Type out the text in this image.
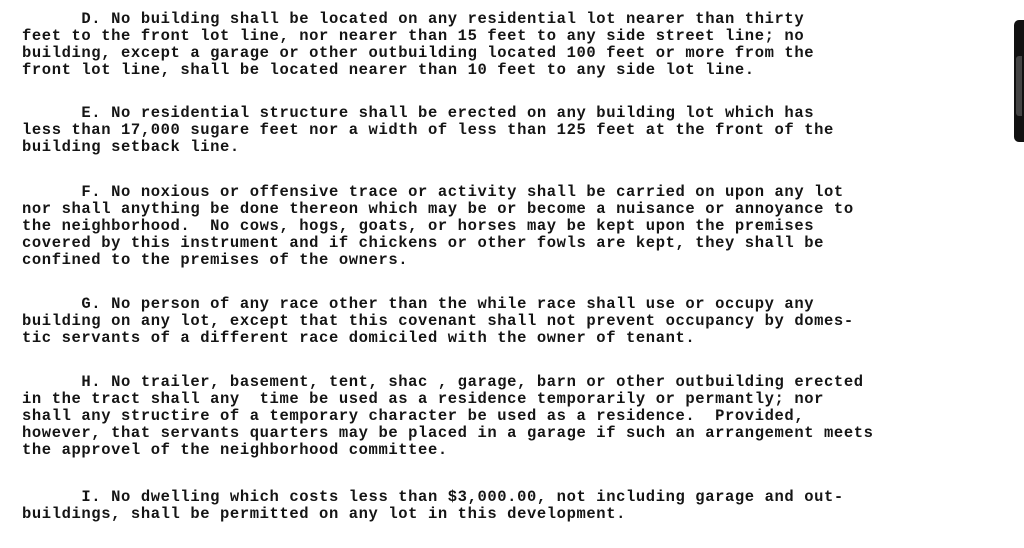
D. No building shall be located on any residential lot nearer than thirty
feet to the front lot line, nor nearer than 15 feet to any side street line; no
building, except a garage or other outbuilding located 100 feet or more from the
front lot line, shall be located nearer than 10 feet to any side lot line.
E. No residential structure shall be erected on any building lot which has
less than 17,000 sugare feet nor a width of less than 125 feet at the front of the
building setback line.
F. No noxious or offensive trace or activity shall be carried on upon any lot
nor shall anything be done thereon which may be or become a nuisance or annoyance to
the neighborhood.  No cows, hogs, goats, or horses may be kept upon the premises
covered by this instrument and if chickens or other fowls are kept, they shall be
confined to the premises of the owners.
G. No person of any race other than the while race shall use or occupy any
building on any lot, except that this covenant shall not prevent occupancy by domes-
tic servants of a different race domiciled with the owner of tenant.
H. No trailer, basement, tent, shac , garage, barn or other outbuilding erected
in the tract shall any  time be used as a residence temporarily or permantly; nor
shall any structire of a temporary character be used as a residence.  Provided,
however, that servants quarters may be placed in a garage if such an arrangement meets
the approvel of the neighborhood committee.
I. No dwelling which costs less than $3,000.00, not including garage and out-
buildings, shall be permitted on any lot in this development.
